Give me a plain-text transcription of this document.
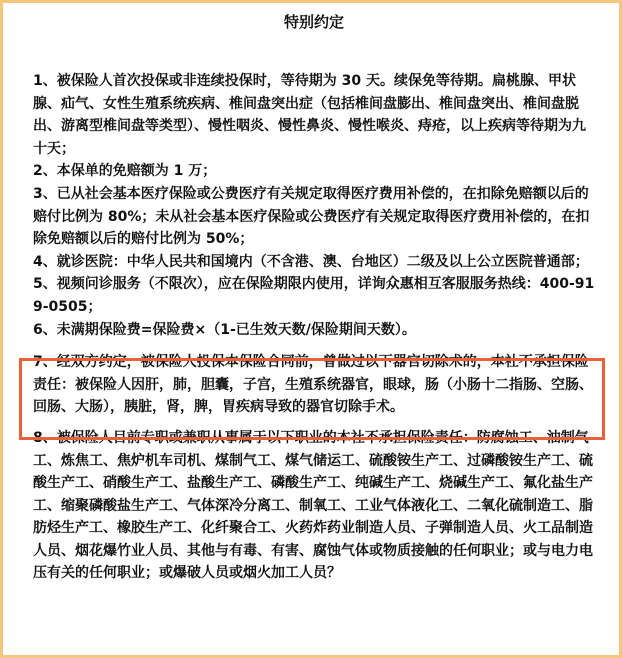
特别约定

1、被保险人首次投保或非连续投保时，等待期为 30 天。续保免等待期。扁桃腺、甲状腺、疝气、女性生殖系统疾病、椎间盘突出症（包括椎间盘膨出、椎间盘突出、椎间盘脱出、游离型椎间盘等类型）、慢性咽炎、慢性鼻炎、慢性喉炎、痔疮，以上疾病等待期为九十天；

2、本保单的免赔额为 1 万；

3、已从社会基本医疗保险或公费医疗有关规定取得医疗费用补偿的，在扣除免赔额以后的赔付比例为 80%；未从社会基本医疗保险或公费医疗有关规定取得医疗费用补偿的，在扣除免赔额以后的赔付比例为 50%；

4、就诊医院：中华人民共和国境内（不含港、澳、台地区）二级及以上公立医院普通部；

5、视频问诊服务（不限次），应在保险期限内使用，详询众惠相互客服服务热线：400-919-0505；

6、未满期保险费=保险费×（1-已生效天数/保险期间天数）。

7、经双方约定，被保险人投保本保险合同前，曾做过以下器官切除术的，本社不承担保险责任：被保险人因肝，肺，胆囊，子宫，生殖系统器官，眼球，肠（小肠十二指肠、空肠、回肠、大肠），胰脏，肾，脾，胃疾病导致的器官切除手术。

8、被保险人目前专职或兼职从事属于以下职业的本社不承担保险责任：防腐蚀工、油制气工、炼焦工、焦炉机车司机、煤制气工、煤气储运工、硫酸铵生产工、过磷酸铵生产工、硫酸生产工、硝酸生产工、盐酸生产工、磷酸生产工、纯碱生产工、烧碱生产工、氟化盐生产工、缩聚磷酸盐生产工、气体深冷分离工、制氧工、工业气体液化工、二氧化硫制造工、脂肪烃生产工、橡胶生产工、化纤聚合工、火药炸药业制造人员、子弹制造人员、火工品制造人员、烟花爆竹业人员、其他与有毒、有害、腐蚀气体或物质接触的任何职业；或与电力电压有关的任何职业；或爆破人员或烟火加工人员？
